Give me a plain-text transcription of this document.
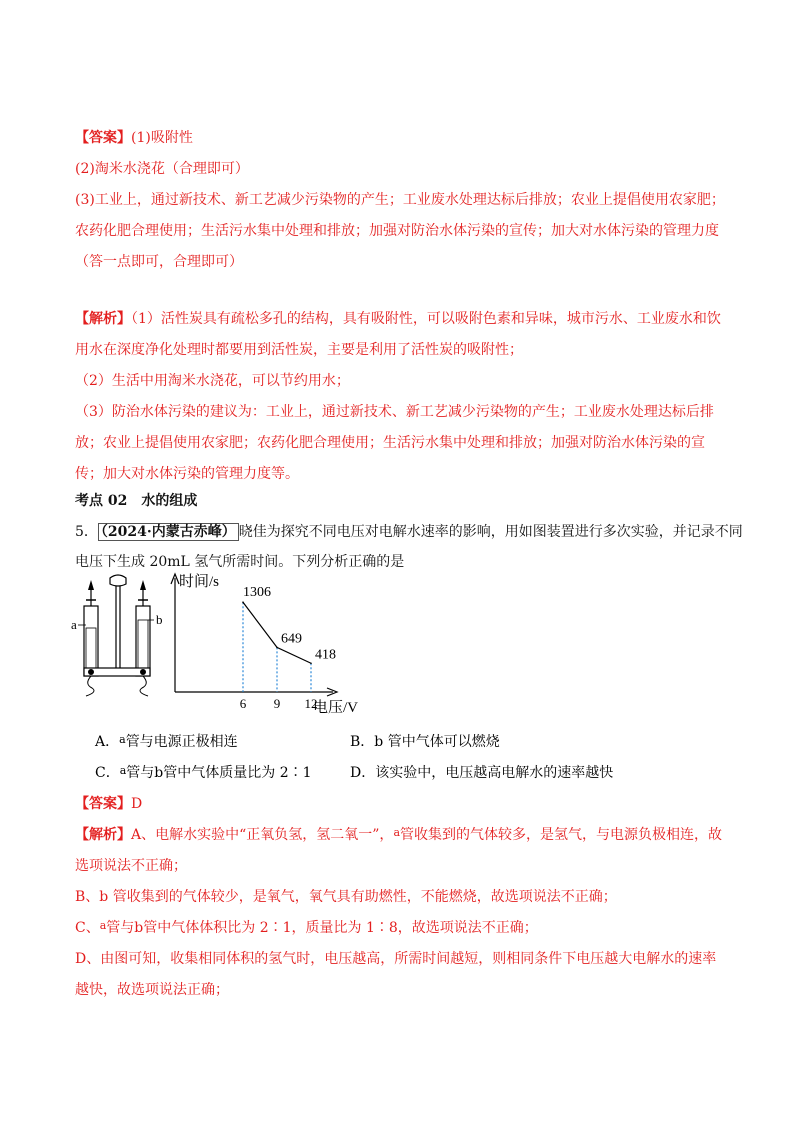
【答案】(1)吸附性
(2)淘米水浇花（合理即可）
(3)工业上，通过新技术、新工艺减少污染物的产生；工业废水处理达标后排放；农业上提倡使用农家肥；
农药化肥合理使用；生活污水集中处理和排放；加强对防治水体污染的宣传；加大对水体污染的管理力度
（答一点即可，合理即可）
【解析】（1）活性炭具有疏松多孔的结构，具有吸附性，可以吸附色素和异味，城市污水、工业废水和饮
用水在深度净化处理时都要用到活性炭，主要是利用了活性炭的吸附性；
（2）生活中用淘米水浇花，可以节约用水；
（3）防治水体污染的建议为：工业上，通过新技术、新工艺减少污染物的产生；工业废水处理达标后排
放；农业上提倡使用农家肥；农药化肥合理使用；生活污水集中处理和排放；加强对防治水体污染的宣
传；加大对水体污染的管理力度等。
考点 02　水的组成
5． （2024·内蒙古赤峰） 晓佳为探究不同电压对电解水速率的影响，用如图装置进行多次实验，并记录不同
电压下生成 20mL 氢气所需时间。下列分析正确的是
a	b
时间/s
电压/V
1306
649
418
6 9 12
A．$^a$管与电源正极相连	B．b 管中气体可以燃烧
C．$^a$管与b管中气体质量比为 2∶1	D．该实验中，电压越高电解水的速率越快
【答案】D
【解析】A、电解水实验中“正氧负氢，氢二氧一”，$^a$管收集到的气体较多，是氢气，与电源负极相连，故
选项说法不正确；
B、b 管收集到的气体较少，是氧气，氧气具有助燃性，不能燃烧，故选项说法不正确；
C、$^a$管与b管中气体体积比为 2∶1，质量比为 1∶8，故选项说法不正确；
D、由图可知，收集相同体积的氢气时，电压越高，所需时间越短，则相同条件下电压越大电解水的速率
越快，故选项说法正确；
